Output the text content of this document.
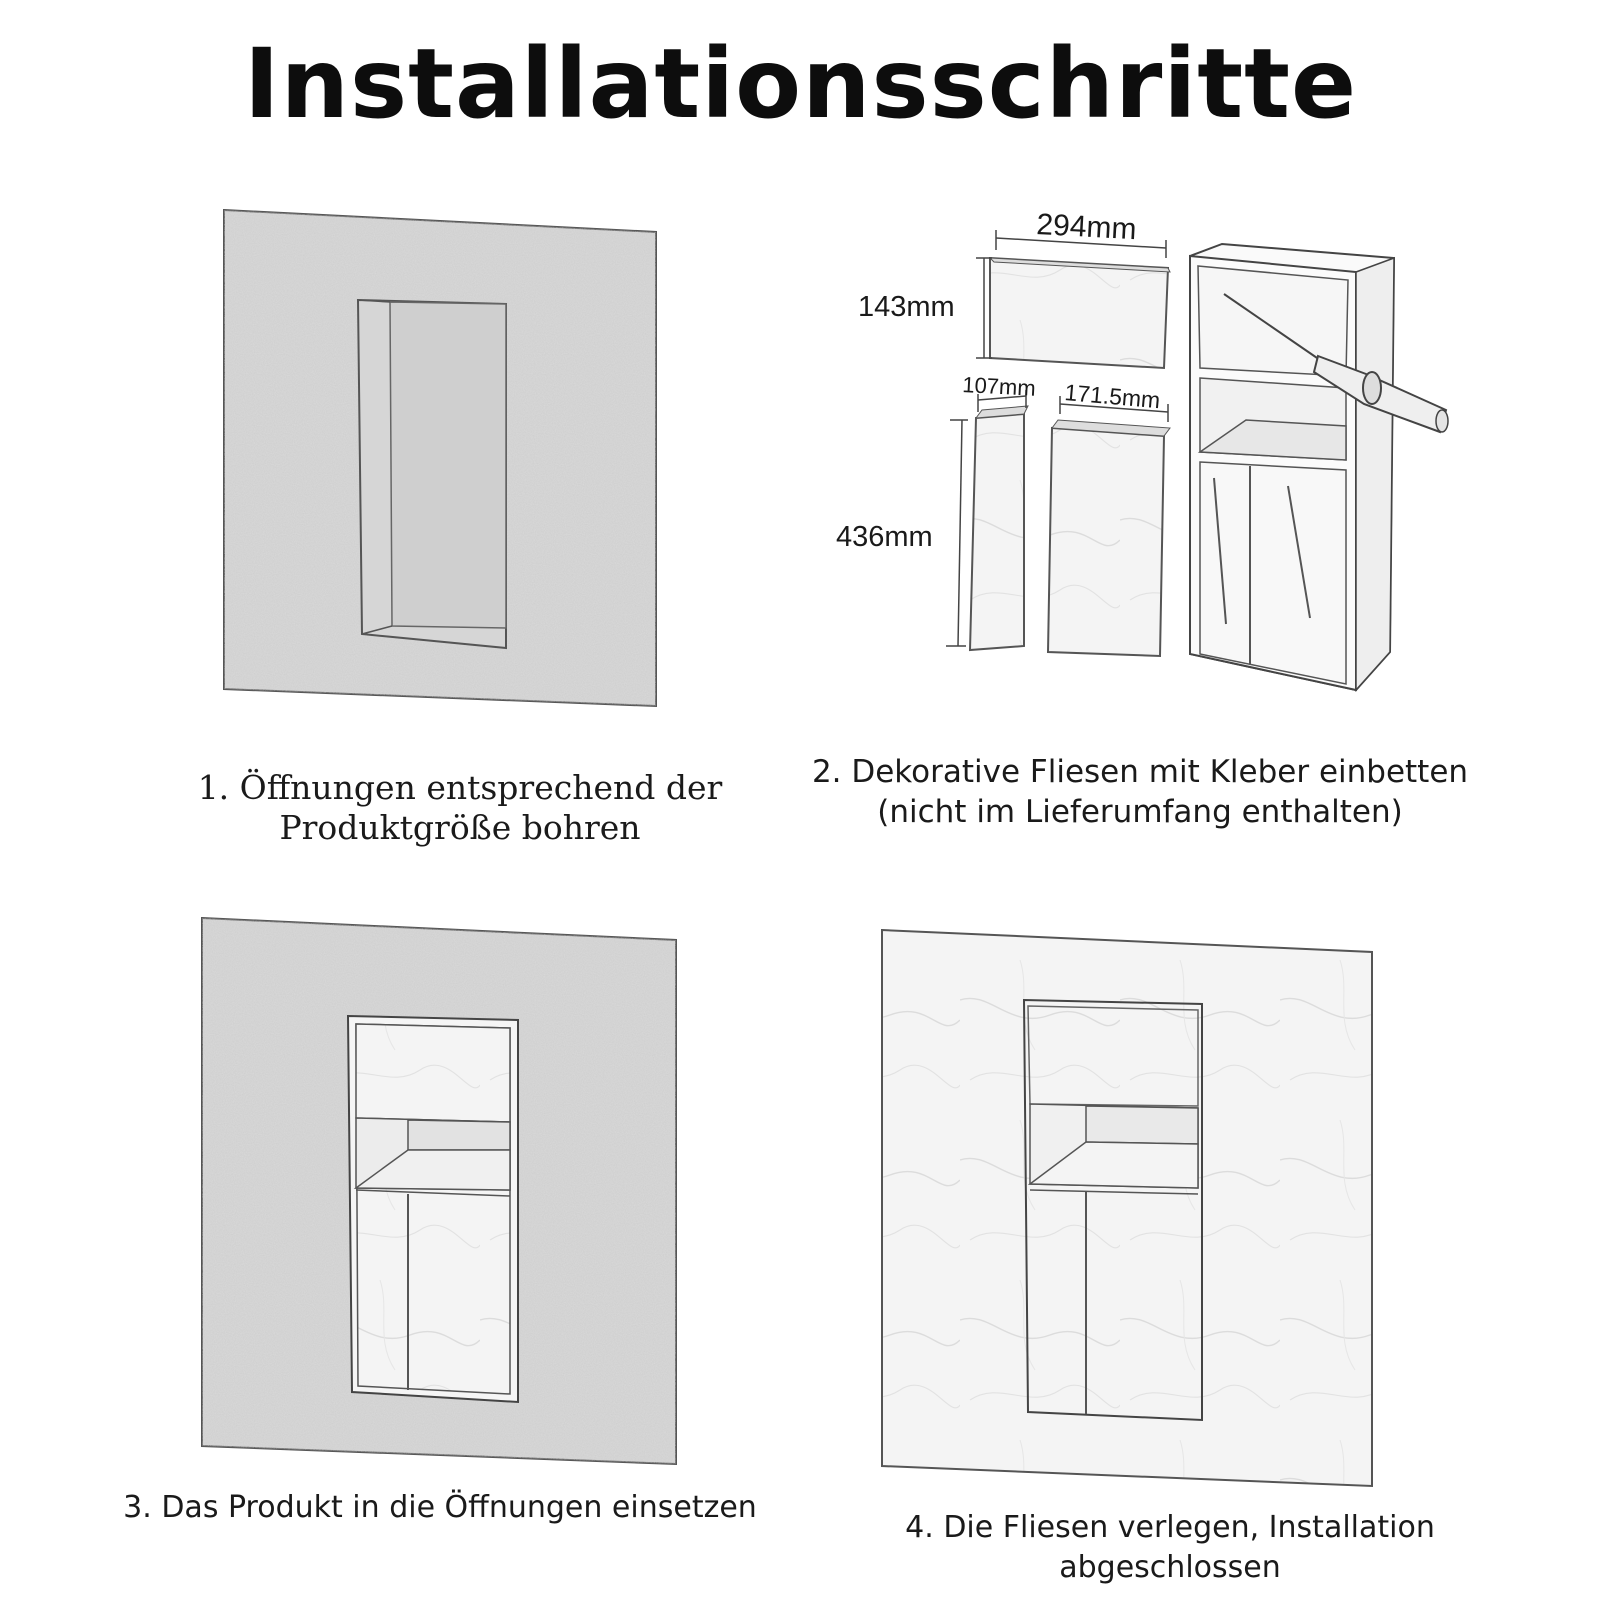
Installationsschritte
294mm
143mm
107mm 171.5mm
436mm
1. Öffnungen entsprechend der
Produktgröße bohren
2. Dekorative Fliesen mit Kleber einbetten
(nicht im Lieferumfang enthalten)
3. Das Produkt in die Öffnungen einsetzen
4. Die Fliesen verlegen, Installation
abgeschlossen
